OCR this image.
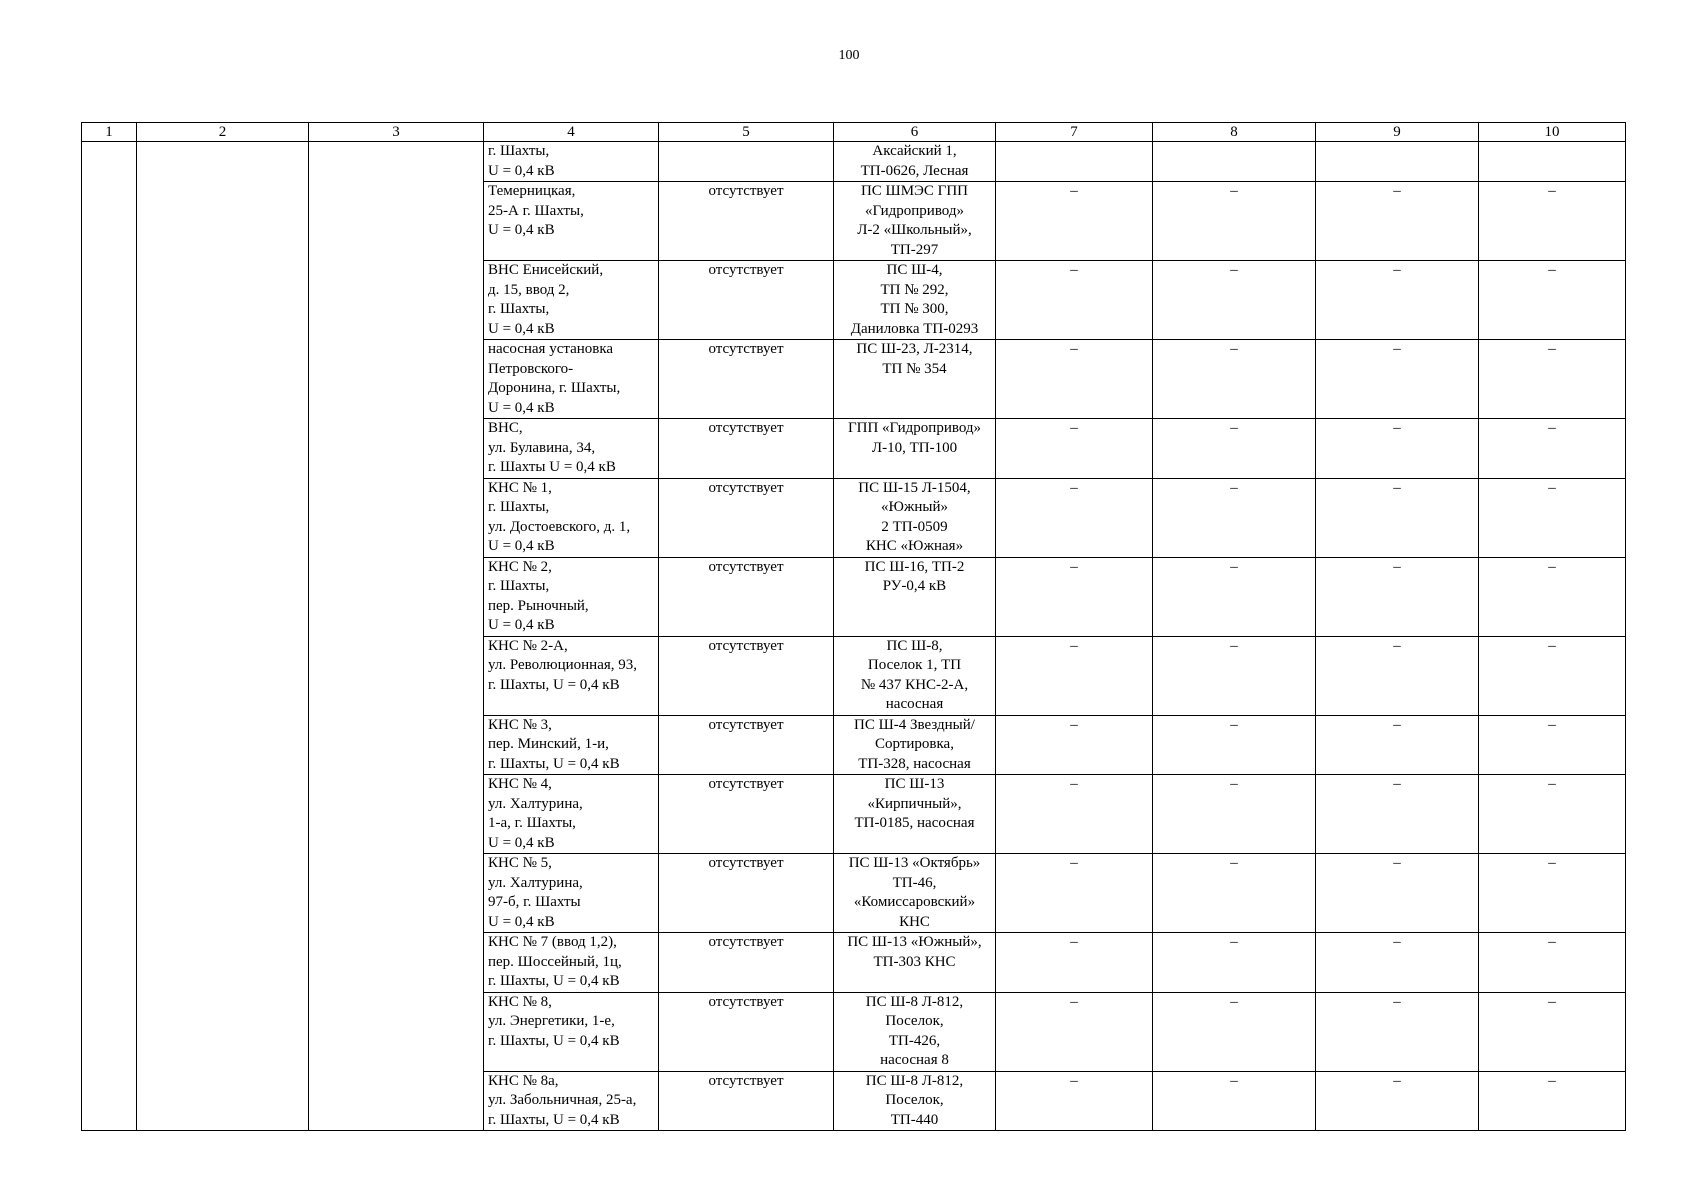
100
1	2	3	4	5	6	7	8	9	10
			г. Шахты,
U = 0,4 кВ		Аксайский 1,
ТП-0626, Лесная				
			Темерницкая,
25-А г. Шахты,
U = 0,4 кВ	отсутствует	ПС ШМЭС ГПП
«Гидропривод»
Л-2 «Школьный»,
ТП-297	–	–	–	–
			ВНС Енисейский,
д. 15, ввод 2,
г. Шахты,
U = 0,4 кВ	отсутствует	ПС Ш-4,
ТП № 292,
ТП № 300,
Даниловка ТП-0293	–	–	–	–
			насосная установка
Петровского-
Доронина, г. Шахты,
U = 0,4 кВ	отсутствует	ПС Ш-23, Л-2314,
ТП № 354	–	–	–	–
			ВНС,
ул. Булавина, 34,
г. Шахты U = 0,4 кВ	отсутствует	ГПП «Гидропривод»
Л-10, ТП-100	–	–	–	–
			КНС № 1,
г. Шахты,
ул. Достоевского, д. 1,
U = 0,4 кВ	отсутствует	ПС Ш-15 Л-1504,
«Южный»
2 ТП-0509
КНС «Южная»	–	–	–	–
			КНС № 2,
г. Шахты,
пер. Рыночный,
U = 0,4 кВ	отсутствует	ПС Ш-16, ТП-2
РУ-0,4 кВ	–	–	–	–
			КНС № 2-А,
ул. Революционная, 93,
г. Шахты, U = 0,4 кВ	отсутствует	ПС Ш-8,
Поселок 1, ТП
№ 437 КНС-2-А,
насосная	–	–	–	–
			КНС № 3,
пер. Минский, 1-и,
г. Шахты, U = 0,4 кВ	отсутствует	ПС Ш-4 Звездный/
Сортировка,
ТП-328, насосная	–	–	–	–
			КНС № 4,
ул. Халтурина,
1-а, г. Шахты,
U = 0,4 кВ	отсутствует	ПС Ш-13
«Кирпичный»,
ТП-0185, насосная	–	–	–	–
			КНС № 5,
ул. Халтурина,
97-б, г. Шахты
U = 0,4 кВ	отсутствует	ПС Ш-13 «Октябрь»
ТП-46,
«Комиссаровский»
КНС	–	–	–	–
			КНС № 7 (ввод 1,2),
пер. Шоссейный, 1ц,
г. Шахты, U = 0,4 кВ	отсутствует	ПС Ш-13 «Южный»,
ТП-303 КНС	–	–	–	–
			КНС № 8,
ул. Энергетики, 1-е,
г. Шахты, U = 0,4 кВ	отсутствует	ПС Ш-8 Л-812,
Поселок,
ТП-426,
насосная 8	–	–	–	–
			КНС № 8а,
ул. Забольничная, 25-а,
г. Шахты, U = 0,4 кВ	отсутствует	ПС Ш-8 Л-812,
Поселок,
ТП-440	–	–	–	–
